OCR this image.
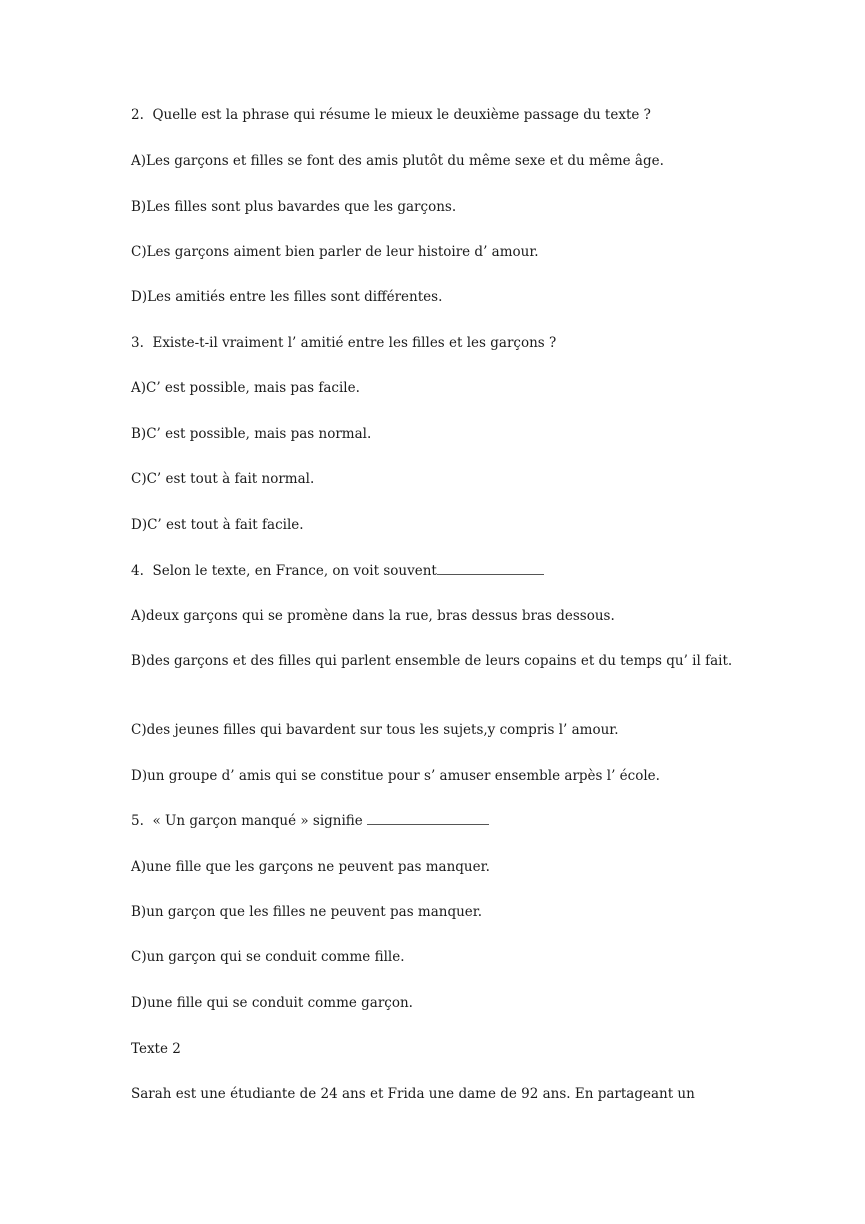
2.  Quelle est la phrase qui résume le mieux le deuxième passage du texte ?

A)Les garçons et filles se font des amis plutôt du même sexe et du même âge.

B)Les filles sont plus bavardes que les garçons.

C)Les garçons aiment bien parler de leur histoire d’ amour.

D)Les amitiés entre les filles sont différentes.

3.  Existe-t-il vraiment l’ amitié entre les filles et les garçons ?

A)C’ est possible, mais pas facile.

B)C’ est possible, mais pas normal.

C)C’ est tout à fait normal.

D)C’ est tout à fait facile.

4.  Selon le texte, en France, on voit souvent

A)deux garçons qui se promène dans la rue, bras dessus bras dessous.

B)des garçons et des filles qui parlent ensemble de leurs copains et du temps qu’ il fait.

C)des jeunes filles qui bavardent sur tous les sujets,y compris l’ amour.

D)un groupe d’ amis qui se constitue pour s’ amuser ensemble arpès l’ école.

5.  « Un garçon manqué » signifie

A)une fille que les garçons ne peuvent pas manquer.

B)un garçon que les filles ne peuvent pas manquer.

C)un garçon qui se conduit comme fille.

D)une fille qui se conduit comme garçon.

Texte 2

Sarah est une étudiante de 24 ans et Frida une dame de 92 ans. En partageant un
